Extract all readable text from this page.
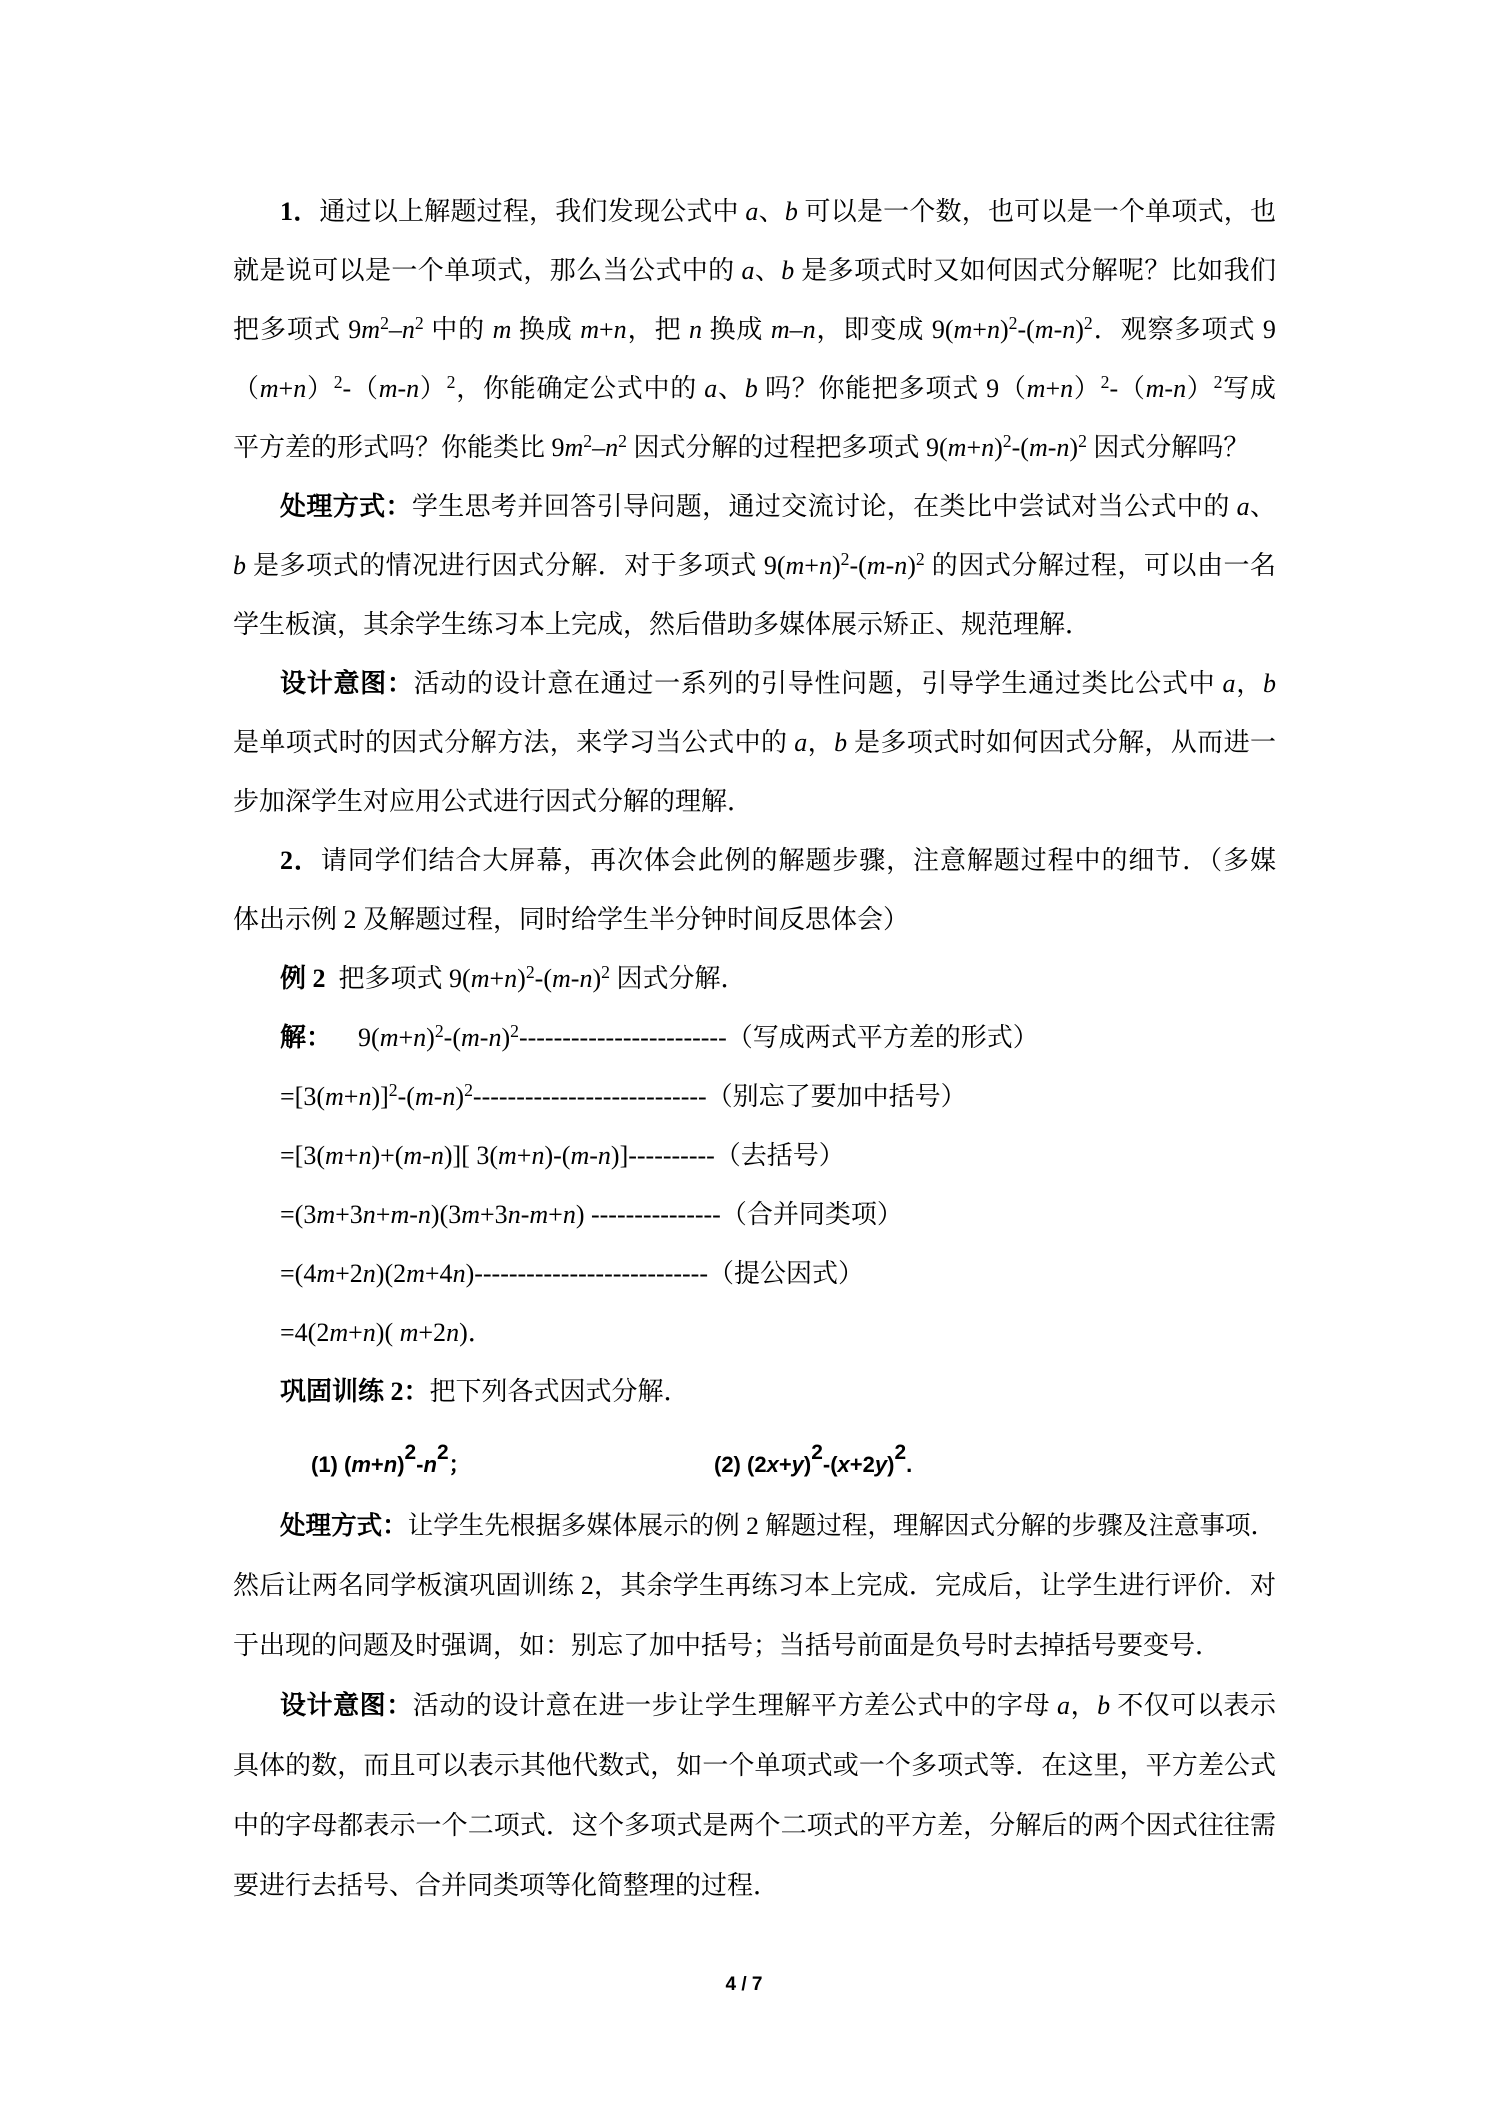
1．通过以上解题过程，我们发现公式中 a、b 可以是一个数，也可以是一个单项式，也
就是说可以是一个单项式，那么当公式中的 a、b 是多项式时又如何因式分解呢？比如我们
把多项式 $9m^2-n^2$ 中的 m 换成 m+n，把 n 换成 m–n，即变成 $9(m+n)^2-(m-n)^2$．观察多项式 9
$(m+n)^2-(m-n)^2$，你能确定公式中的 a、b 吗？你能把多项式 $9(m+n)^2-(m-n)^2$写成
平方差的形式吗？你能类比 $9m^2-n^2$ 因式分解的过程把多项式 $9(m+n)^2-(m-n)^2$ 因式分解吗？
处理方式：学生思考并回答引导问题，通过交流讨论，在类比中尝试对当公式中的 a、
b 是多项式的情况进行因式分解．对于多项式 $9(m+n)^2-(m-n)^2$ 的因式分解过程，可以由一名
学生板演，其余学生练习本上完成，然后借助多媒体展示矫正、规范理解．
设计意图：活动的设计意在通过一系列的引导性问题，引导学生通过类比公式中 a，b
是单项式时的因式分解方法，来学习当公式中的 a，b 是多项式时如何因式分解，从而进一
步加深学生对应用公式进行因式分解的理解．
2．请同学们结合大屏幕，再次体会此例的解题步骤，注意解题过程中的细节．（多媒
体出示例 2 及解题过程，同时给学生半分钟时间反思体会）
例 2  把多项式 $9(m+n)^2-(m-n)^2$ 因式分解．
解：    $9(m+n)^2-(m-n)^2------------------------$（写成两式平方差的形式）
$=[3(m+n)]^2-(m-n)^2---------------------------$（别忘了要加中括号）
=[3(m+n)+(m-n)][ 3(m+n)-(m-n)]----------（去括号）
=(3m+3n+m-n)(3m+3n-m+n) ---------------（合并同类项）
=(4m+2n)(2m+4n)---------------------------（提公因式）
=4(2m+n)( m+2n)．
巩固训练 2：把下列各式因式分解．
(1) (m+n)2-n2；	(2) (2x+y)2-(x+2y)2.
处理方式：让学生先根据多媒体展示的例 2 解题过程，理解因式分解的步骤及注意事项．
然后让两名同学板演巩固训练 2，其余学生再练习本上完成．完成后，让学生进行评价．对
于出现的问题及时强调，如：别忘了加中括号；当括号前面是负号时去掉括号要变号．
设计意图：活动的设计意在进一步让学生理解平方差公式中的字母 a，b 不仅可以表示
具体的数，而且可以表示其他代数式，如一个单项式或一个多项式等．在这里，平方差公式
中的字母都表示一个二项式．这个多项式是两个二项式的平方差，分解后的两个因式往往需
要进行去括号、合并同类项等化简整理的过程．
4 / 7
